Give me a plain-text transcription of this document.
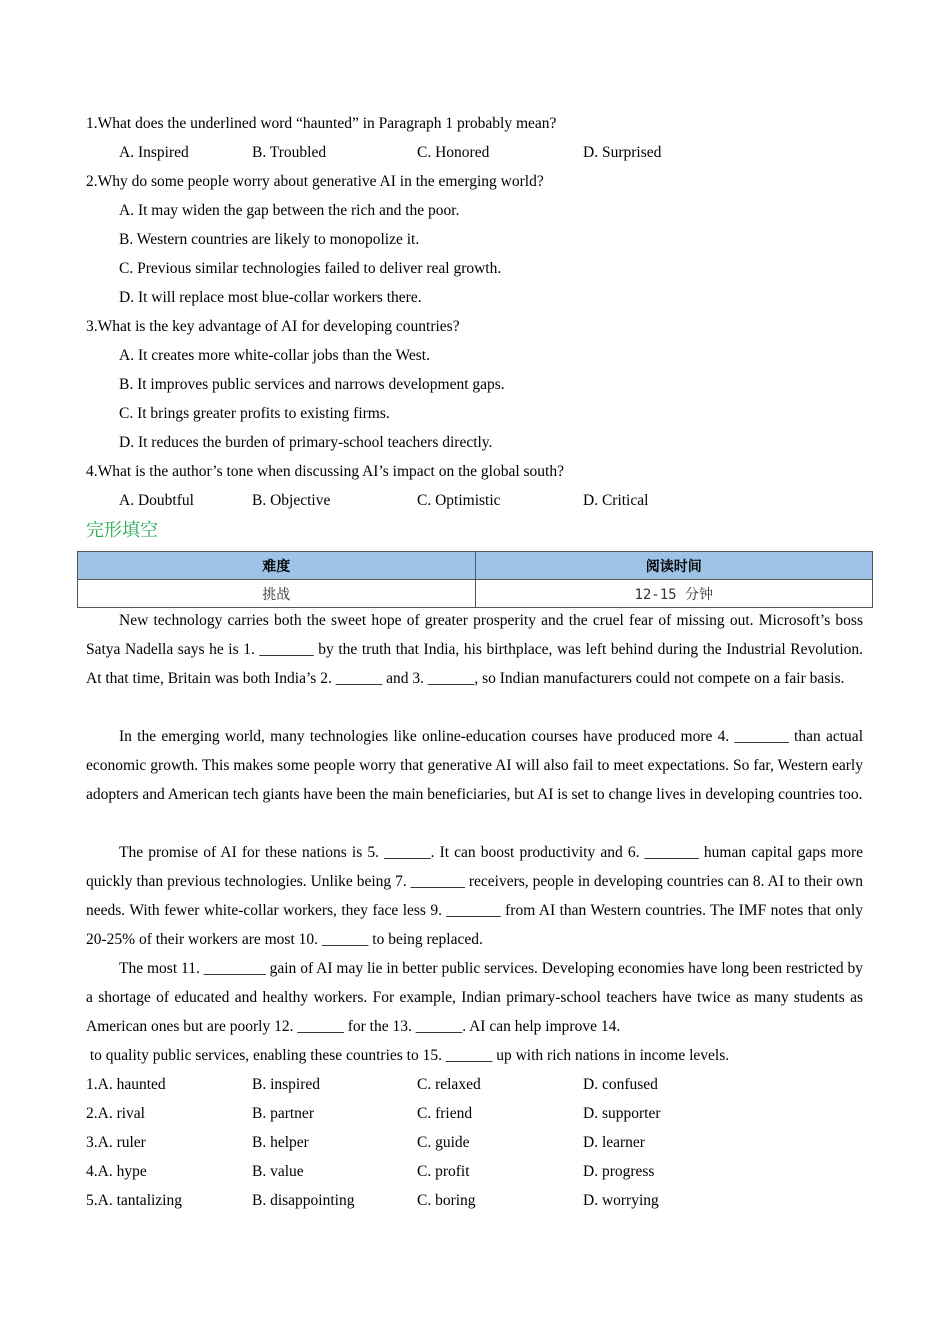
1.What does the underlined word “haunted” in Paragraph 1 probably mean?
A. Inspired	B. Troubled	C. Honored	D. Surprised
2.Why do some people worry about generative AI in the emerging world?
A. It may widen the gap between the rich and the poor.
B. Western countries are likely to monopolize it.
C. Previous similar technologies failed to deliver real growth.
D. It will replace most blue-collar workers there.
3.What is the key advantage of AI for developing countries?
A. It creates more white-collar jobs than the West.
B. It improves public services and narrows development gaps.
C. It brings greater profits to existing firms.
D. It reduces the burden of primary-school teachers directly.
4.What is the author’s tone when discussing AI’s impact on the global south?
A. Doubtful	B. Objective	C. Optimistic	D. Critical
完形填空
难度	阅读时间
挑战	12-15 分钟
New technology carries both the sweet hope of greater prosperity and the cruel fear of missing out. Microsoft’s boss Satya Nadella says he is 1. _______ by the truth that India, his birthplace, was left behind during the Industrial Revolution. At that time, Britain was both India’s 2. ______ and 3. ______, so Indian manufacturers could not compete on a fair basis.
In the emerging world, many technologies like online-education courses have produced more 4. _______ than actual economic growth. This makes some people worry that generative AI will also fail to meet expectations. So far, Western early adopters and American tech giants have been the main beneficiaries, but AI is set to change lives in developing countries too.
The promise of AI for these nations is 5. ______. It can boost productivity and 6. _______ human capital gaps more quickly than previous technologies. Unlike being 7. _______ receivers, people in developing countries can 8. AI to their own needs. With fewer white-collar workers, they face less 9. _______ from AI than Western countries. The IMF notes that only 20-25% of their workers are most 10. ______ to being replaced.
The most 11. ________ gain of AI may lie in better public services. Developing economies have long been restricted by a shortage of educated and healthy workers. For example, Indian primary-school teachers have twice as many students as American ones but are poorly 12. ______ for the 13. ______. AI can help improve 14.
to quality public services, enabling these countries to 15. ______ up with rich nations in income levels.
1.A. haunted	B. inspired	C. relaxed	D. confused
2.A. rival	B. partner	C. friend	D. supporter
3.A. ruler	B. helper	C. guide	D. learner
4.A. hype	B. value	C. profit	D. progress
5.A. tantalizing	B. disappointing	C. boring	D. worrying
